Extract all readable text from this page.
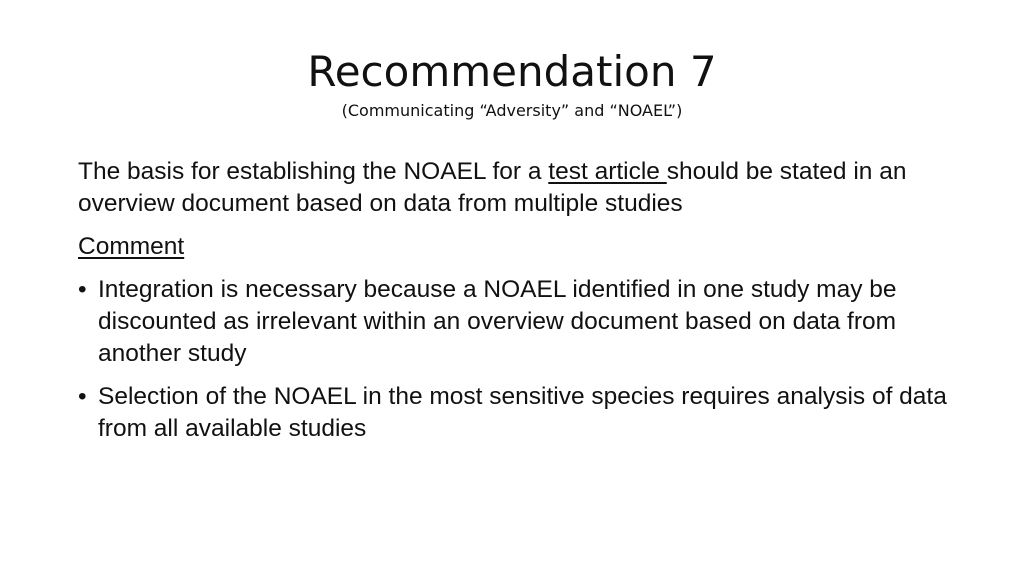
Recommendation 7
(Communicating “Adversity” and “NOAEL”)

The basis for establishing the NOAEL for a test article should be stated in an overview document based on data from multiple studies

Comment

• Integration is necessary because a NOAEL identified in one study may be discounted as irrelevant within an overview document based on data from another study
• Selection of the NOAEL in the most sensitive species requires analysis of data from all available studies
